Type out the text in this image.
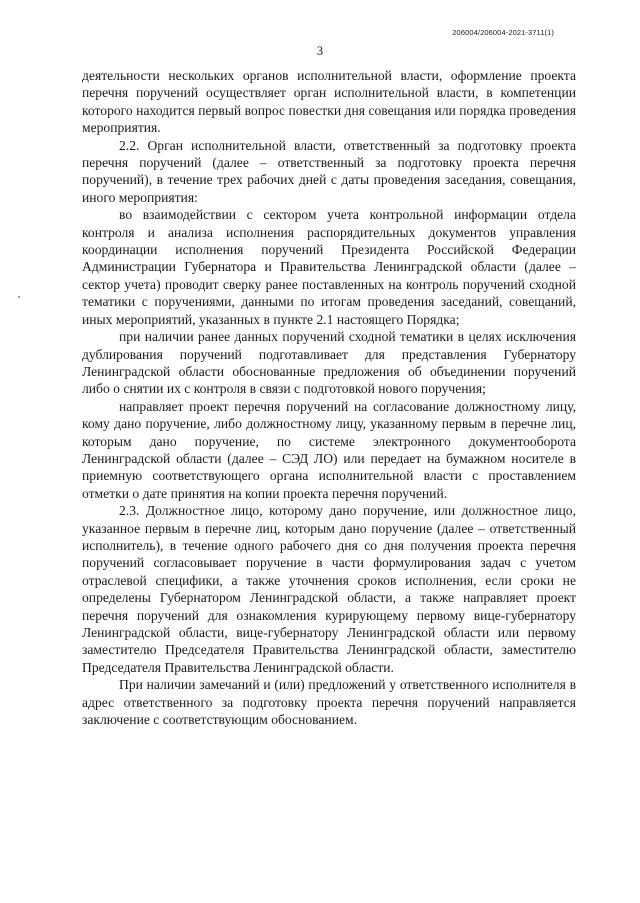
206004/206004-2021-3711(1)
3

деятельности нескольких органов исполнительной власти, оформление проекта перечня поручений осуществляет орган исполнительной власти, в компетенции которого находится первый вопрос повестки дня совещания или порядка проведения мероприятия.

2.2. Орган исполнительной власти, ответственный за подготовку проекта перечня поручений (далее – ответственный за подготовку проекта перечня поручений), в течение трех рабочих дней с даты проведения заседания, совещания, иного мероприятия:

во взаимодействии с сектором учета контрольной информации отдела контроля и анализа исполнения распорядительных документов управления координации исполнения поручений Президента Российской Федерации Администрации Губернатора и Правительства Ленинградской области (далее – сектор учета) проводит сверку ранее поставленных на контроль поручений сходной тематики с поручениями, данными по итогам проведения заседаний, совещаний, иных мероприятий, указанных в пункте 2.1 настоящего Порядка;

при наличии ранее данных поручений сходной тематики в целях исключения дублирования поручений подготавливает для представления Губернатору Ленинградской области обоснованные предложения об объединении поручений либо о снятии их с контроля в связи с подготовкой нового поручения;

направляет проект перечня поручений на согласование должностному лицу, кому дано поручение, либо должностному лицу, указанному первым в перечне лиц, которым дано поручение, по системе электронного документооборота Ленинградской области (далее – СЭД ЛО) или передает на бумажном носителе в приемную соответствующего органа исполнительной власти с проставлением отметки о дате принятия на копии проекта перечня поручений.

2.3. Должностное лицо, которому дано поручение, или должностное лицо, указанное первым в перечне лиц, которым дано поручение (далее – ответственный исполнитель), в течение одного рабочего дня со дня получения проекта перечня поручений согласовывает поручение в части формулирования задач с учетом отраслевой специфики, а также уточнения сроков исполнения, если сроки не определены Губернатором Ленинградской области, а также направляет проект перечня поручений для ознакомления курирующему первому вице-губернатору Ленинградской области, вице-губернатору Ленинградской области или первому заместителю Председателя Правительства Ленинградской области, заместителю Председателя Правительства Ленинградской области.

При наличии замечаний и (или) предложений у ответственного исполнителя в адрес ответственного за подготовку проекта перечня поручений направляется заключение с соответствующим обоснованием.
